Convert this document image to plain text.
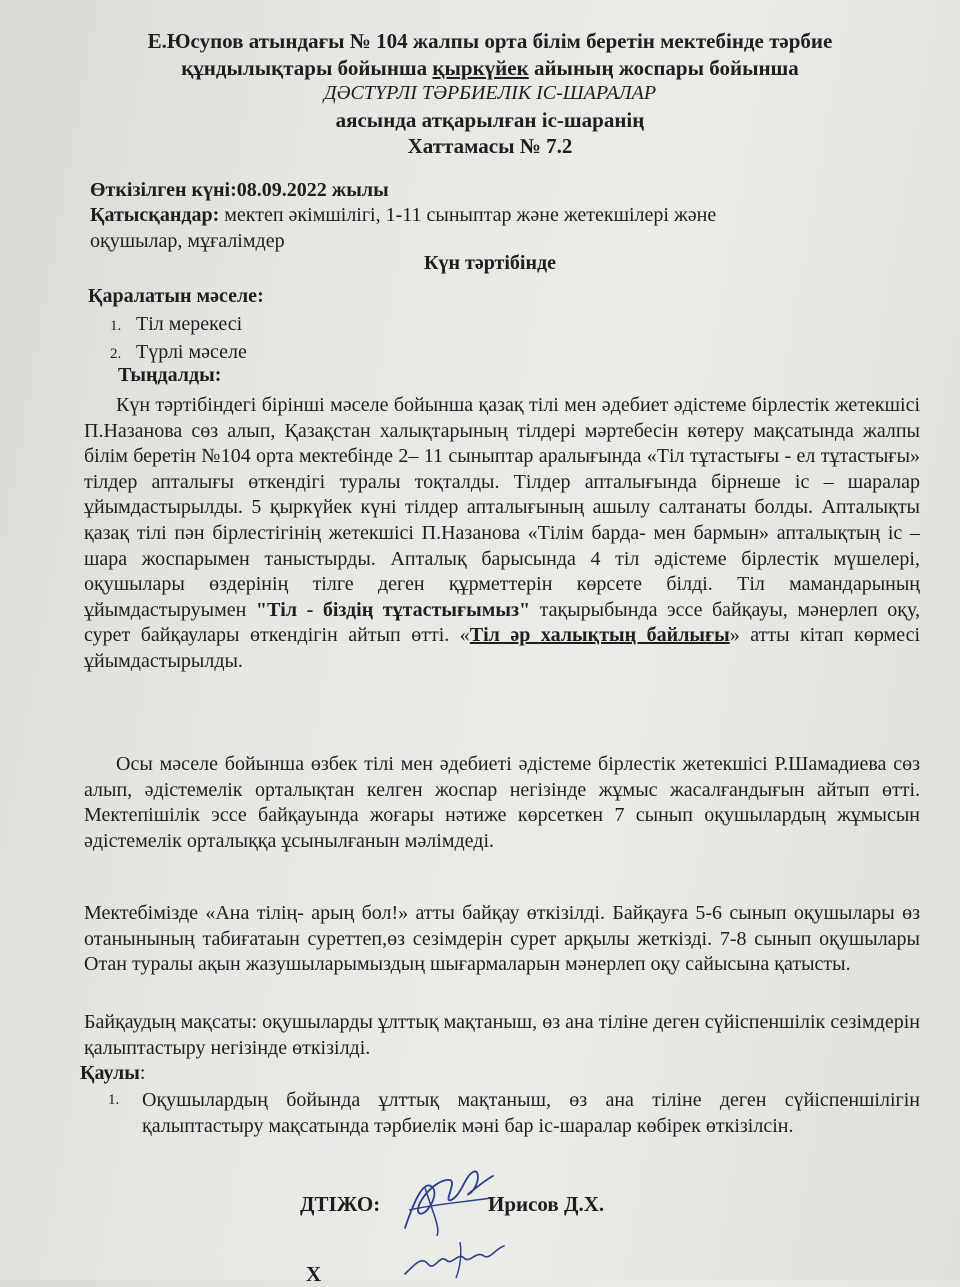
Е.Юсупов атындағы № 104 жалпы орта білім беретін мектебінде тәрбие
құндылықтары бойынша қыркүйек айының жоспары бойынша
ДӘСТҮРЛІ ТӘРБИЕЛІК ІС-ШАРАЛАР
аясында атқарылған іс-шаранің
Хаттамасы № 7.2
Өткізілген күні:08.09.2022 жылы
Қатысқандар: мектеп әкімшілігі, 1-11 сыныптар және жетекшілері және
оқушылар, мұғалімдер
Күн тәртібінде
Қаралатын мәселе:
1. Тіл мерекесі
2. Түрлі мәселе
Тыңдалды:
Күн тәртібіндегі бірінші мәселе бойынша қазақ тілі мен әдебиет әдістеме бірлестік жетекшісі П.Назанова сөз алып, Қазақстан халықтарының тілдері мәртебесін көтеру мақсатында жалпы білім беретін №104 орта мектебінде 2– 11 сыныптар аралығында «Тіл тұтастығы - ел тұтастығы» тілдер апталығы өткендігі туралы тоқталды. Тілдер апталығында бірнеше іс – шаралар ұйымдастырылды. 5 қыркүйек күні тілдер апталығының ашылу салтанаты болды. Апталықты қазақ тілі пән бірлестігінің жетекшісі П.Назанова «Тілім барда- мен бармын» апталықтың іс – шара жоспарымен таныстырды. Апталық барысында 4 тіл әдістеме бірлестік мүшелері, оқушылары өздерінің тілге деген құрметтерін көрсете білді. Тіл мамандарының ұйымдастыруымен "Тіл - біздің тұтастығымыз" тақырыбында эссе байқауы, мәнерлеп оқу, сурет байқаулары өткендігін айтып өтті. «Тіл әр халықтың байлығы» атты кітап көрмесі ұйымдастырылды.
Осы мәселе бойынша өзбек тілі мен әдебиеті әдістеме бірлестік жетекшісі Р.Шамадиева сөз алып, әдістемелік орталықтан келген жоспар негізінде жұмыс жасалғандығын айтып өтті. Мектепішілік эссе байқауында жоғары нәтиже көрсеткен 7 сынып оқушылардың жұмысын әдістемелік орталыққа ұсынылғанын мәлімдеді.
Мектебімізде «Ана тілің- арың бол!» атты байқау өткізілді. Байқауға 5-6 сынып оқушылары өз отанынының табиғатаын суреттеп,өз сезімдерін сурет арқылы жеткізді. 7-8 сынып оқушылары Отан туралы ақын жазушыларымыздың шығармаларын мәнерлеп оқу сайысына қатысты.
Байқаудың мақсаты: оқушыларды ұлттық мақтаныш, өз ана тіліне деген сүйіспеншілік сезімдерін қалыптастыру негізінде өткізілді.
Қаулы:
1. Оқушылардың бойында ұлттық мақтаныш, өз ана тіліне деген сүйіспеншілігін қалыптастыру мақсатында тәрбиелік мәні бар іс-шаралар көбірек өткізілсін.
ДТІЖО:	Ирисов Д.Х.
Х
